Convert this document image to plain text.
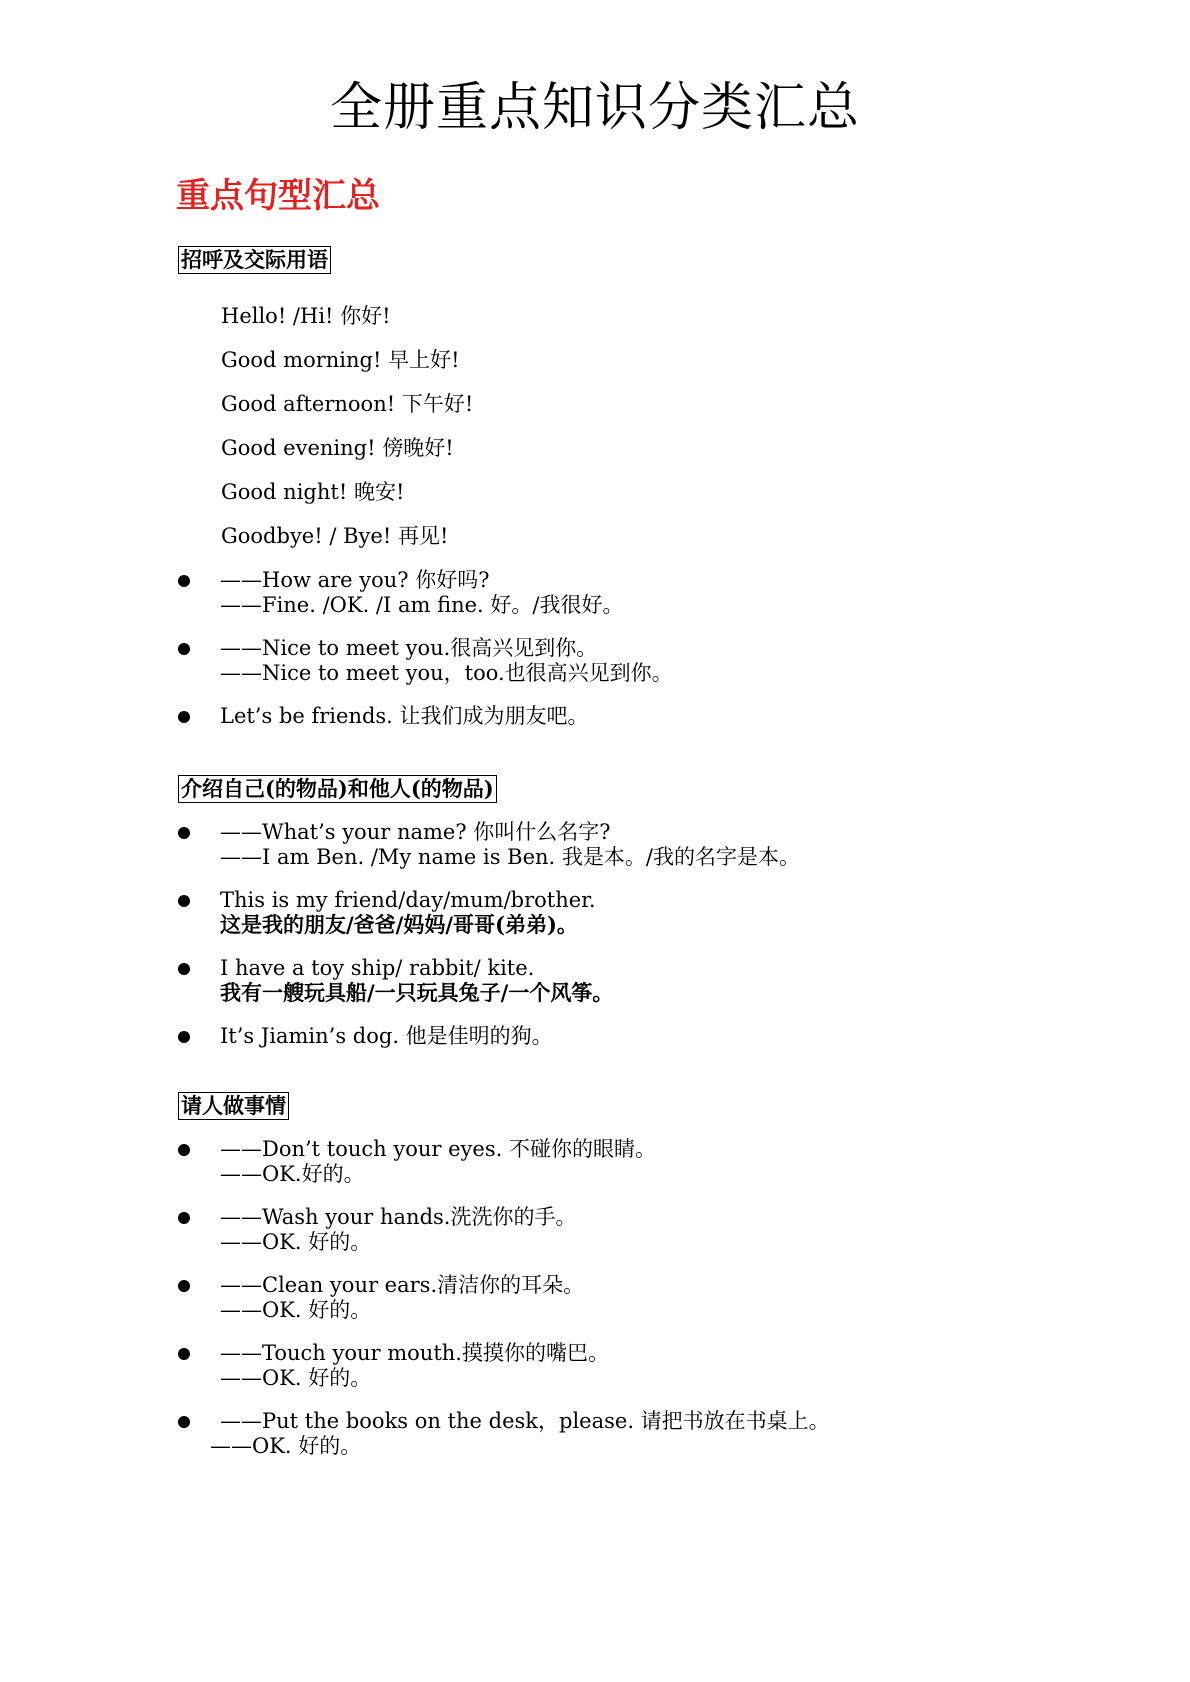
全册重点知识分类汇总
重点句型汇总
招呼及交际用语
Hello! /Hi! 你好!
Good morning! 早上好!
Good afternoon! 下午好!
Good evening! 傍晚好!
Good night! 晚安!
Goodbye! / Bye! 再见!
——How are you? 你好吗?
——Fine. /OK. /I am fine. 好。/我很好。
——Nice to meet you.很高兴见到你。
——Nice to meet you，too.也很高兴见到你。
Let’s be friends. 让我们成为朋友吧。
介绍自己(的物品)和他人(的物品)
——What’s your name? 你叫什么名字?
——I am Ben. /My name is Ben. 我是本。/我的名字是本。
This is my friend/day/mum/brother.
这是我的朋友/爸爸/妈妈/哥哥(弟弟)。
I have a toy ship/ rabbit/ kite.
我有一艘玩具船/一只玩具兔子/一个风筝。
It’s Jiamin’s dog. 他是佳明的狗。
请人做事情
——Don’t touch your eyes. 不碰你的眼睛。
——OK.好的。
——Wash your hands.洗洗你的手。
——OK. 好的。
——Clean your ears.清洁你的耳朵。
——OK. 好的。
——Touch your mouth.摸摸你的嘴巴。
——OK. 好的。
——Put the books on the desk，please. 请把书放在书桌上。
——OK. 好的。
